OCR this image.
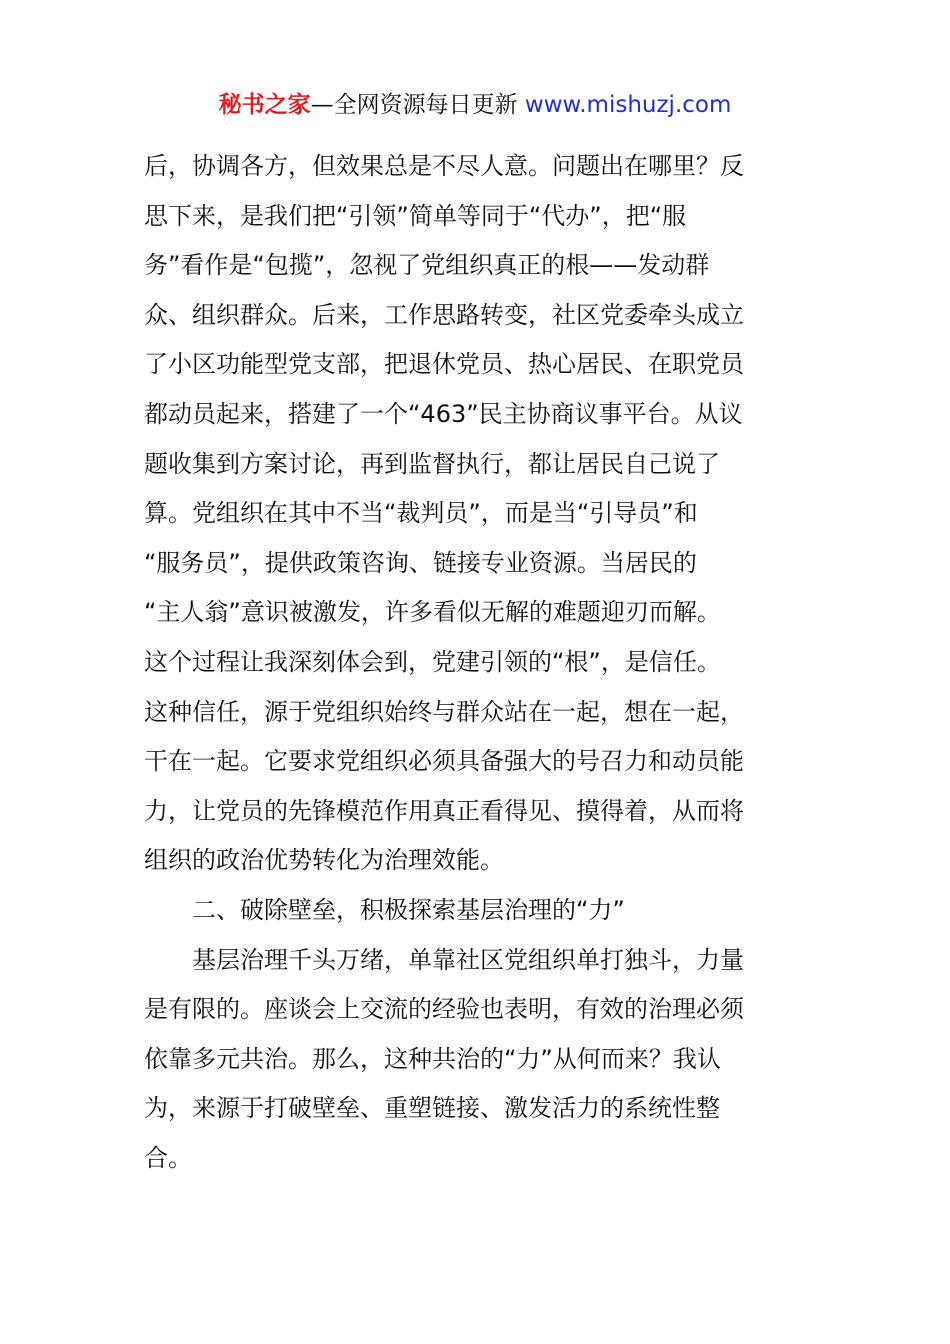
秘书之家—全网资源每日更新 www.mishuzj.com
后，协调各方，但效果总是不尽人意。问题出在哪里？反
思下来，是我们把“引领”简单等同于“代办”，把“服
务”看作是“包揽”，忽视了党组织真正的根——发动群
众、组织群众。后来，工作思路转变，社区党委牵头成立
了小区功能型党支部，把退休党员、热心居民、在职党员
都动员起来，搭建了一个“463”民主协商议事平台。从议
题收集到方案讨论，再到监督执行，都让居民自己说了
算。党组织在其中不当“裁判员”，而是当“引导员”和
“服务员”，提供政策咨询、链接专业资源。当居民的
“主人翁”意识被激发，许多看似无解的难题迎刃而解。
这个过程让我深刻体会到，党建引领的“根”，是信任。
这种信任，源于党组织始终与群众站在一起，想在一起，
干在一起。它要求党组织必须具备强大的号召力和动员能
力，让党员的先锋模范作用真正看得见、摸得着，从而将
组织的政治优势转化为治理效能。
二、破除壁垒，积极探索基层治理的“力”
基层治理千头万绪，单靠社区党组织单打独斗，力量
是有限的。座谈会上交流的经验也表明，有效的治理必须
依靠多元共治。那么，这种共治的“力”从何而来？我认
为，来源于打破壁垒、重塑链接、激发活力的系统性整
合。
